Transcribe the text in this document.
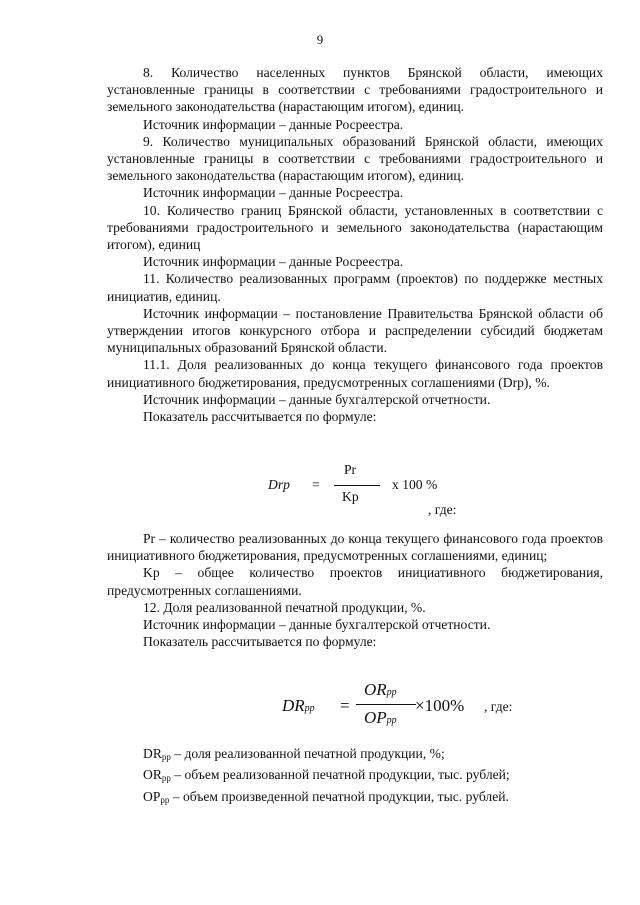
9

8. Количество населенных пунктов Брянской области, имеющих установленные границы в соответствии с требованиями градостроительного и земельного законодательства (нарастающим итогом), единиц.

Источник информации – данные Росреестра.

9. Количество муниципальных образований Брянской области, имеющих установленные границы в соответствии с требованиями градостроительного и земельного законодательства (нарастающим итогом), единиц.

Источник информации – данные Росреестра.

10. Количество границ Брянской области, установленных в соответствии с требованиями градостроительного и земельного законодательства (нарастающим итогом), единиц

Источник информации – данные Росреестра.

11. Количество реализованных программ (проектов) по поддержке местных инициатив, единиц.

Источник информации – постановление Правительства Брянской области об утверждении итогов конкурсного отбора и распределении субсидий бюджетам муниципальных образований Брянской области.

11.1. Доля реализованных до конца текущего финансового года проектов инициативного бюджетирования, предусмотренных соглашениями (Drp), %.

Источник информации – данные бухгалтерской отчетности.

Показатель рассчитывается по формуле:

Drp =
Pr
Kp
x 100 %
, где:

Pr – количество реализованных до конца текущего финансового года проектов инициативного бюджетирования, предусмотренных соглашениями, единиц;

Kp – общее количество проектов инициативного бюджетирования, предусмотренных соглашениями.

12. Доля реализованной печатной продукции, %.

Источник информации – данные бухгалтерской отчетности.

Показатель рассчитывается по формуле:

DRpp =
ORpp
OPpp
×100% , где:

$DR_{pp}$ – доля реализованной печатной продукции, %;

$OR_{pp}$ – объем реализованной печатной продукции, тыс. рублей;

$OP_{pp}$ – объем произведенной печатной продукции, тыс. рублей.
